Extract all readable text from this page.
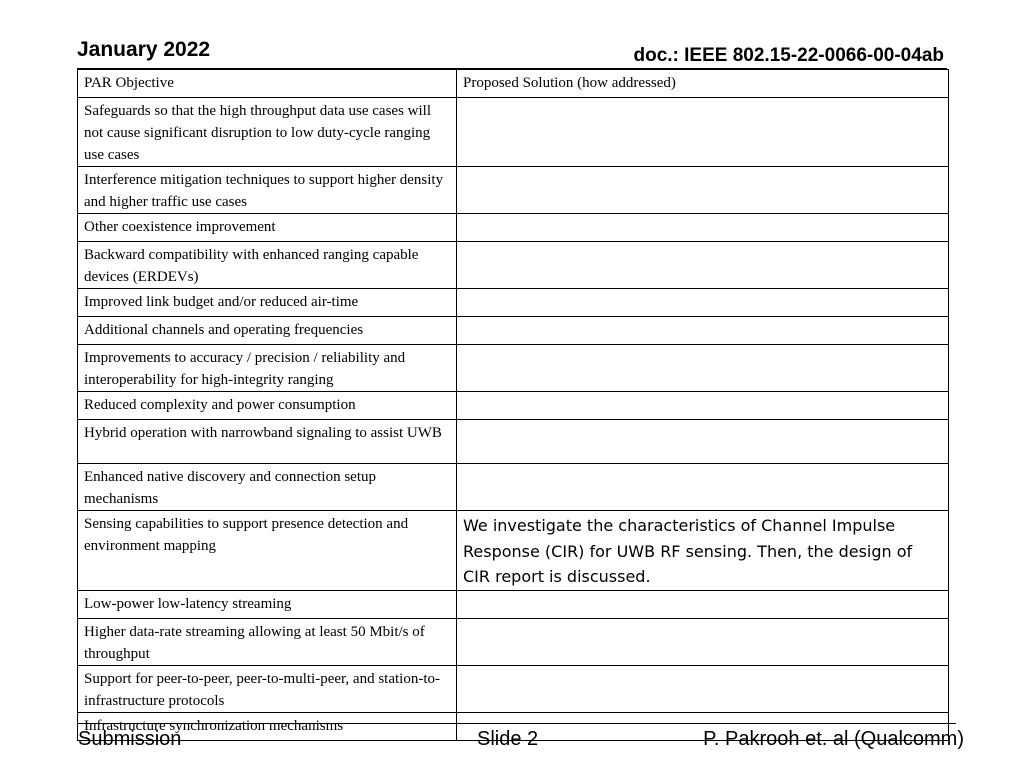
January 2022	doc.: IEEE 802.15-22-0066-00-04ab
PAR Objective	Proposed Solution (how addressed)
Safeguards so that the high throughput data use cases will not cause significant disruption to low duty-cycle ranging use cases	
Interference mitigation techniques to support higher density and higher traffic use cases	
Other coexistence improvement	
Backward compatibility with enhanced ranging capable devices (ERDEVs)	
Improved link budget and/or reduced air-time	
Additional channels and operating frequencies	
Improvements to accuracy / precision / reliability and interoperability for high-integrity ranging	
Reduced complexity and power consumption	
Hybrid operation with narrowband signaling to assist UWB	
Enhanced native discovery and connection setup mechanisms	
Sensing capabilities to support presence detection and environment mapping	We investigate the characteristics of Channel Impulse Response (CIR) for UWB RF sensing. Then, the design of CIR report is discussed.
Low-power low-latency streaming	
Higher data-rate streaming allowing at least 50 Mbit/s of throughput	
Support for peer-to-peer, peer-to-multi-peer, and station-to-infrastructure protocols	
Infrastructure synchronization mechanisms	
Submission	Slide 2	P. Pakrooh et. al (Qualcomm)
